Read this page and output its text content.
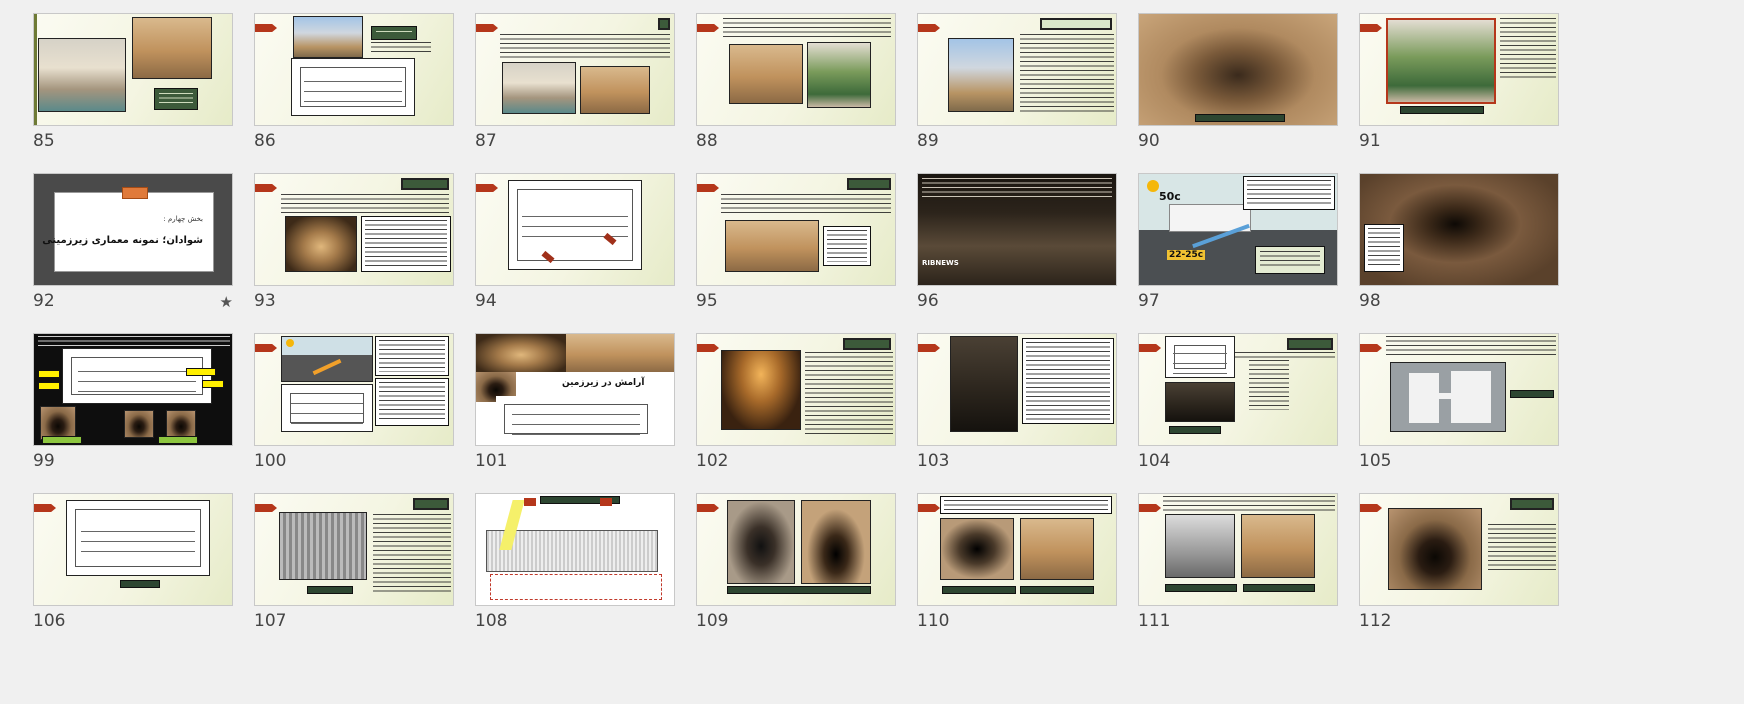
85	86	87	88	89	90	91
بخش چهارم :
شوادان؛ نمونه معماری زیرزمینی
92	★ 93	94	95
RIBNEWS
96
50c
22-25c
97	98
99	100
آرامش در زیرزمین
101	102	103	104	105
106	107	108	109	110	111	112
